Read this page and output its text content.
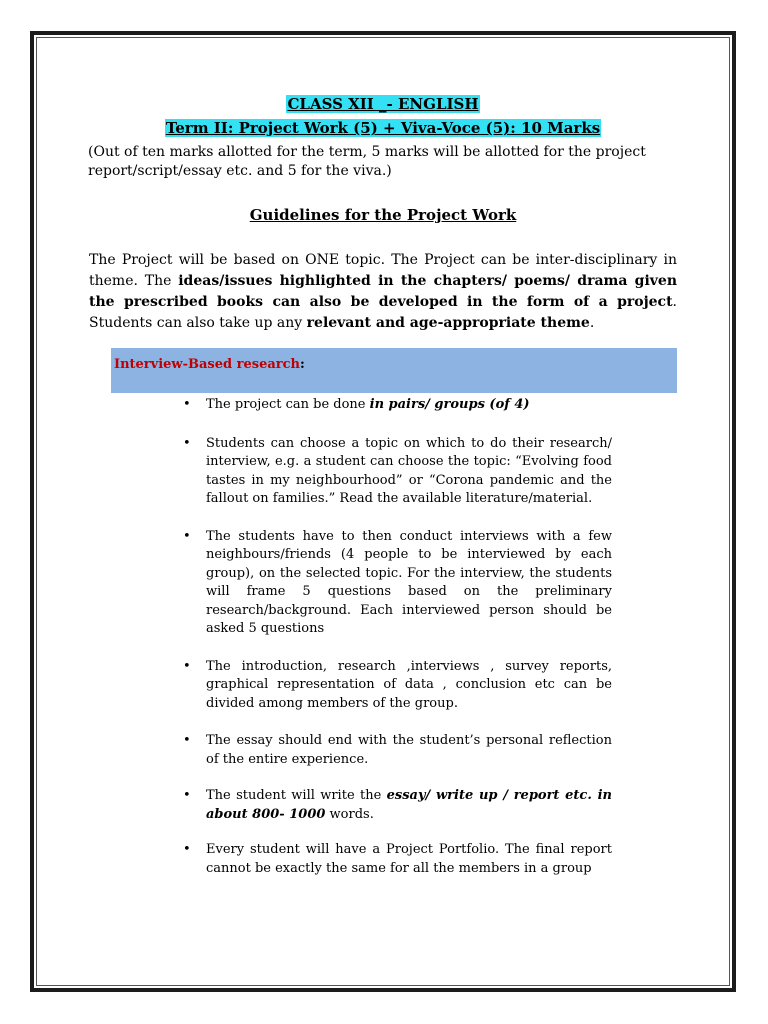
CLASS XII _- ENGLISH
Term II: Project Work (5) + Viva-Voce (5): 10 Marks
(Out of ten marks allotted for the term, 5 marks will be allotted for the project report/script/essay etc. and 5 for the viva.)
Guidelines for the Project Work
The Project will be based on ONE topic. The Project can be inter-disciplinary in theme. The ideas/issues highlighted in the chapters/ poems/ drama given the prescribed books can also be developed in the form of a project. Students can also take up any relevant and age-appropriate theme.
Interview-Based research:
• The project can be done in pairs/ groups (of 4)
• Students can choose a topic on which to do their research/ interview, e.g. a student can choose the topic: “Evolving food tastes in my neighbourhood” or “Corona pandemic and the fallout on families.” Read the available literature/material.
• The students have to then conduct interviews with a few neighbours/friends (4 people to be interviewed by each group), on the selected topic. For the interview, the students will frame 5 questions based on the preliminary research/background. Each interviewed person should be asked 5 questions
• The introduction, research ,interviews , survey reports, graphical representation of data , conclusion etc can be divided among members of the group.
• The essay should end with the student’s personal reflection of the entire experience.
• The student will write the essay/ write up / report etc. in about 800- 1000 words.
• Every student will have a Project Portfolio. The final report cannot be exactly the same for all the members in a group
